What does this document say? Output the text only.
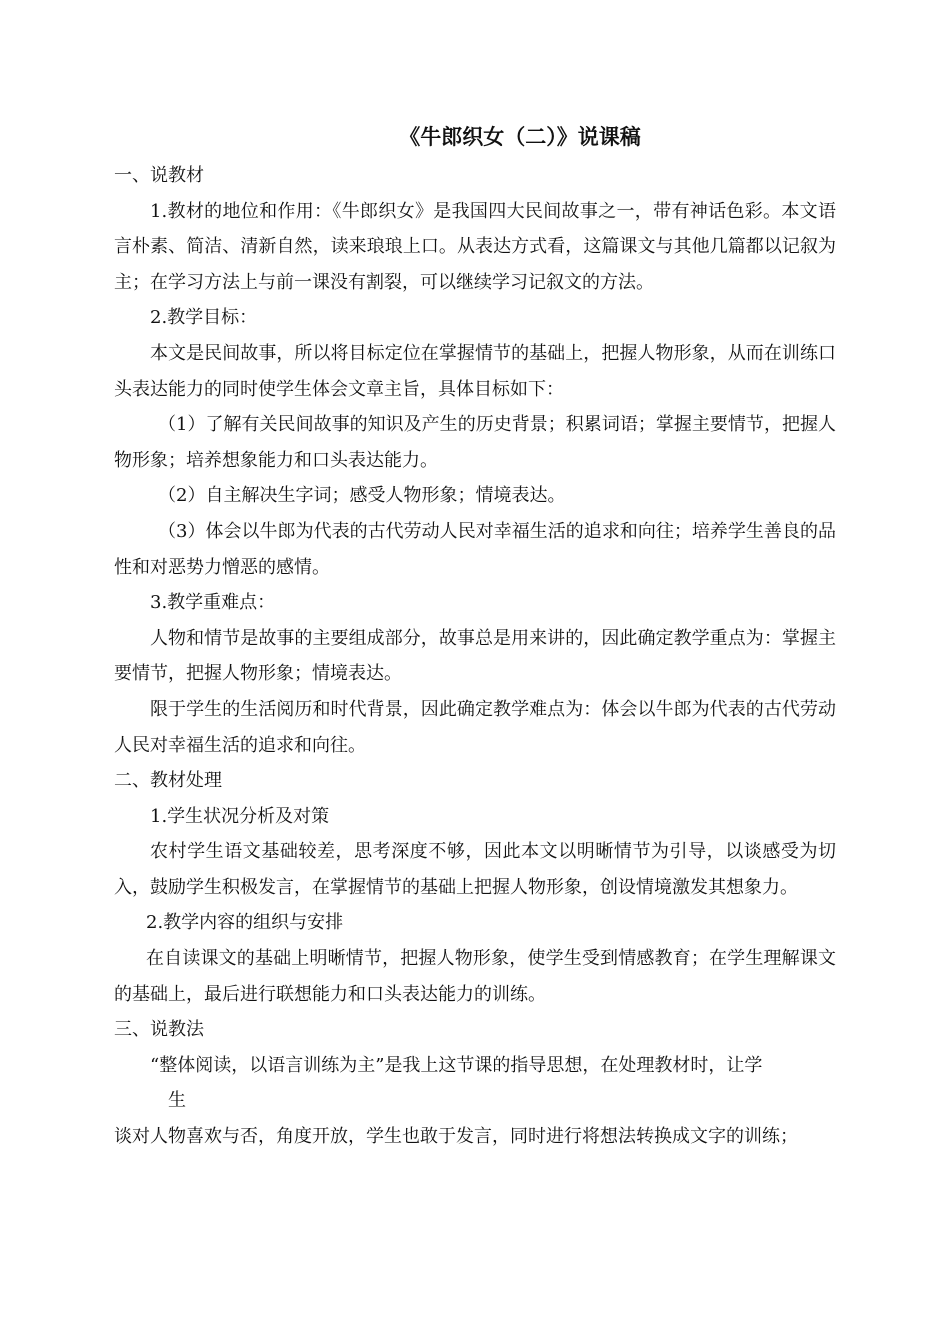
《牛郎织女（二）》说课稿

一、说教材

1.教材的地位和作用：《牛郎织女》是我国四大民间故事之一，带有神话色彩。本文语言朴素、简洁、清新自然，读来琅琅上口。从表达方式看，这篇课文与其他几篇都以记叙为主；在学习方法上与前一课没有割裂，可以继续学习记叙文的方法。

2.教学目标：

本文是民间故事，所以将目标定位在掌握情节的基础上，把握人物形象，从而在训练口头表达能力的同时使学生体会文章主旨，具体目标如下：

（1）了解有关民间故事的知识及产生的历史背景；积累词语；掌握主要情节，把握人物形象；培养想象能力和口头表达能力。

（2）自主解决生字词；感受人物形象；情境表达。

（3）体会以牛郎为代表的古代劳动人民对幸福生活的追求和向往；培养学生善良的品性和对恶势力憎恶的感情。

3.教学重难点：

人物和情节是故事的主要组成部分，故事总是用来讲的，因此确定教学重点为：掌握主要情节，把握人物形象；情境表达。

限于学生的生活阅历和时代背景，因此确定教学难点为：体会以牛郎为代表的古代劳动人民对幸福生活的追求和向往。

二、教材处理

1.学生状况分析及对策

农村学生语文基础较差，思考深度不够，因此本文以明晰情节为引导，以谈感受为切入，鼓励学生积极发言，在掌握情节的基础上把握人物形象，创设情境激发其想象力。

2.教学内容的组织与安排

在自读课文的基础上明晰情节，把握人物形象，使学生受到情感教育；在学生理解课文的基础上，最后进行联想能力和口头表达能力的训练。

三、说教法

“整体阅读，以语言训练为主”是我上这节课的指导思想，在处理教材时，让学

生

谈对人物喜欢与否，角度开放，学生也敢于发言，同时进行将想法转换成文字的训练；
